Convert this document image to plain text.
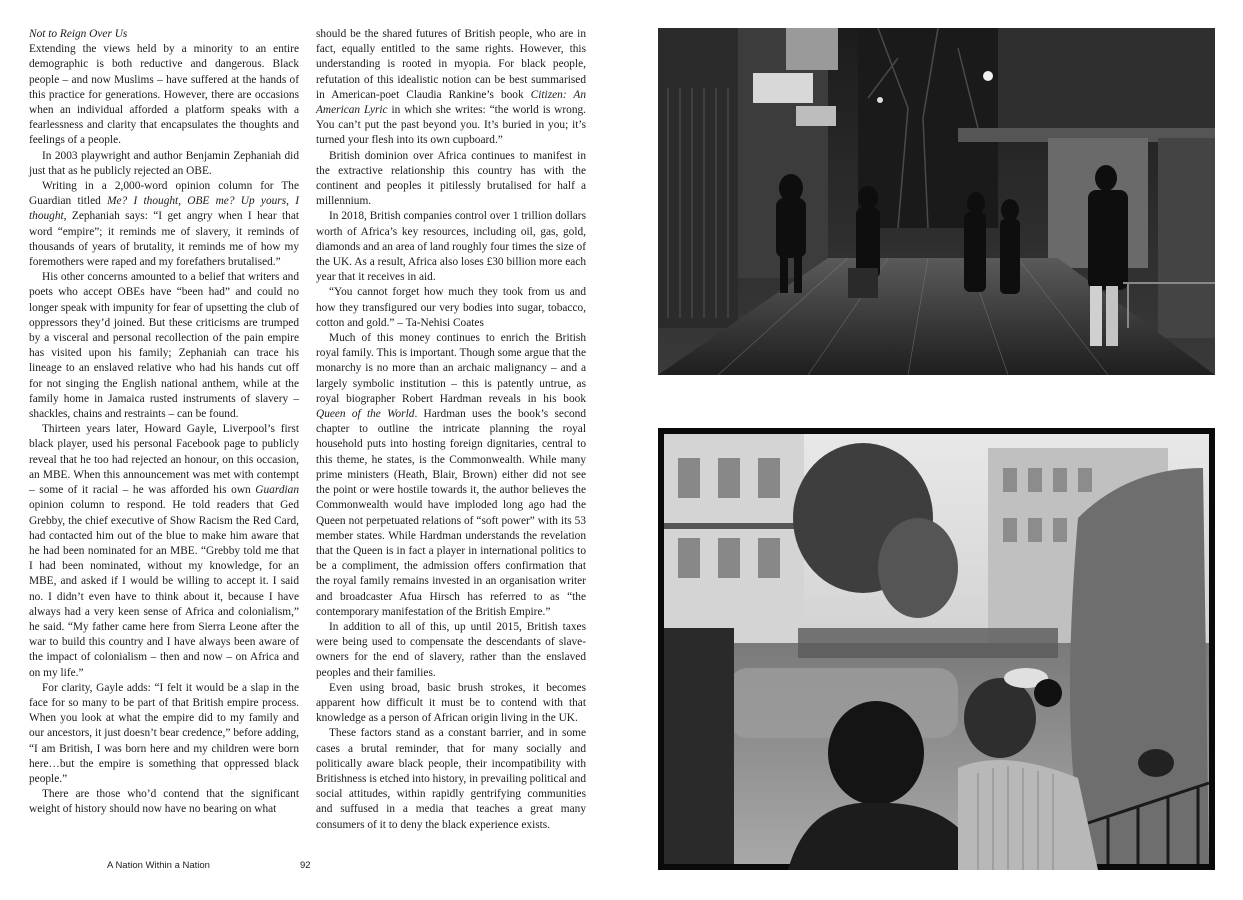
Not to Reign Over Us

Extending the views held by a minority to an entire demographic is both reductive and dangerous. Black people – and now Muslims – have suffered at the hands of this practice for generations. However, there are occasions when an individual afforded a platform speaks with a fearlessness and clarity that encapsulates the thoughts and feelings of a people.

In 2003 playwright and author Benjamin Zephaniah did just that as he publicly rejected an OBE.

Writing in a 2,000-word opinion column for The Guardian titled Me? I thought, OBE me? Up yours, I thought, Zephaniah says: “I get angry when I hear that word “empire”; it reminds me of slavery, it reminds of thousands of years of brutality, it reminds me of how my foremothers were raped and my forefathers brutalised.”

His other concerns amounted to a belief that writers and poets who accept OBEs have “been had” and could no longer speak with impunity for fear of upsetting the club of oppressors they’d joined. But these criticisms are trumped by a visceral and personal recollection of the pain empire has visited upon his family; Zephaniah can trace his lineage to an enslaved relative who had his hands cut off for not singing the English national anthem, while at the family home in Jamaica rusted instruments of slavery – shackles, chains and restraints – can be found.

Thirteen years later, Howard Gayle, Liverpool’s first black player, used his personal Facebook page to publicly reveal that he too had rejected an honour, on this occasion, an MBE. When this announcement was met with contempt – some of it racial – he was afforded his own Guardian opinion column to respond. He told readers that Ged Grebby, the chief executive of Show Racism the Red Card, had contacted him out of the blue to make him aware that he had been nominated for an MBE. “Grebby told me that I had been nominated, without my knowledge, for an MBE, and asked if I would be willing to accept it. I said no. I didn’t even have to think about it, because I have always had a very keen sense of Africa and colonialism,” he said. “My father came here from Sierra Leone after the war to build this country and I have always been aware of the impact of colonialism – then and now – on Africa and on my life.”

For clarity, Gayle adds: “I felt it would be a slap in the face for so many to be part of that British empire process. When you look at what the empire did to my family and our ancestors, it just doesn’t bear credence,” before adding, “I am British, I was born here and my children were born here…but the empire is something that oppressed black people.”

There are those who’d contend that the significant weight of history should now have no bearing on what

should be the shared futures of British people, who are in fact, equally entitled to the same rights. However, this understanding is rooted in myopia. For black people, refutation of this idealistic notion can be best summarised in American-poet Claudia Rankine’s book Citizen: An American Lyric in which she writes: “the world is wrong. You can’t put the past beyond you. It’s buried in you; it’s turned your flesh into its own cupboard.”

British dominion over Africa continues to manifest in the extractive relationship this country has with the continent and peoples it pitilessly brutalised for half a millennium.

In 2018, British companies control over 1 trillion dollars worth of Africa’s key resources, including oil, gas, gold, diamonds and an area of land roughly four times the size of the UK. As a result, Africa also loses £30 billion more each year that it receives in aid.

“You cannot forget how much they took from us and how they transfigured our very bodies into sugar, tobacco, cotton and gold.” – Ta-Nehisi Coates

Much of this money continues to enrich the British royal family. This is important. Though some argue that the monarchy is no more than an archaic malignancy – and a largely symbolic institution – this is patently untrue, as royal biographer Robert Hardman reveals in his book Queen of the World. Hardman uses the book’s second chapter to outline the intricate planning the royal household puts into hosting foreign dignitaries, central to this theme, he states, is the Commonwealth. While many prime ministers (Heath, Blair, Brown) either did not see the point or were hostile towards it, the author believes the Commonwealth would have imploded long ago had the Queen not perpetuated relations of “soft power” with its 53 member states. While Hardman understands the revelation that the Queen is in fact a player in international politics to be a compliment, the admission offers confirmation that the royal family remains invested in an organisation writer and broadcaster Afua Hirsch has referred to as “the contemporary manifestation of the British Empire.”

In addition to all of this, up until 2015, British taxes were being used to compensate the descendants of slave-owners for the end of slavery, rather than the enslaved peoples and their families.

Even using broad, basic brush strokes, it becomes apparent how difficult it must be to contend with that knowledge as a person of African origin living in the UK.

These factors stand as a constant barrier, and in some cases a brutal reminder, that for many socially and politically aware black people, their incompatibility with Britishness is etched into history, in prevailing political and social attitudes, within rapidly gentrifying communities and suffused in a media that teaches a great many consumers of it to deny the black experience exists.

A Nation Within a Nation	92
